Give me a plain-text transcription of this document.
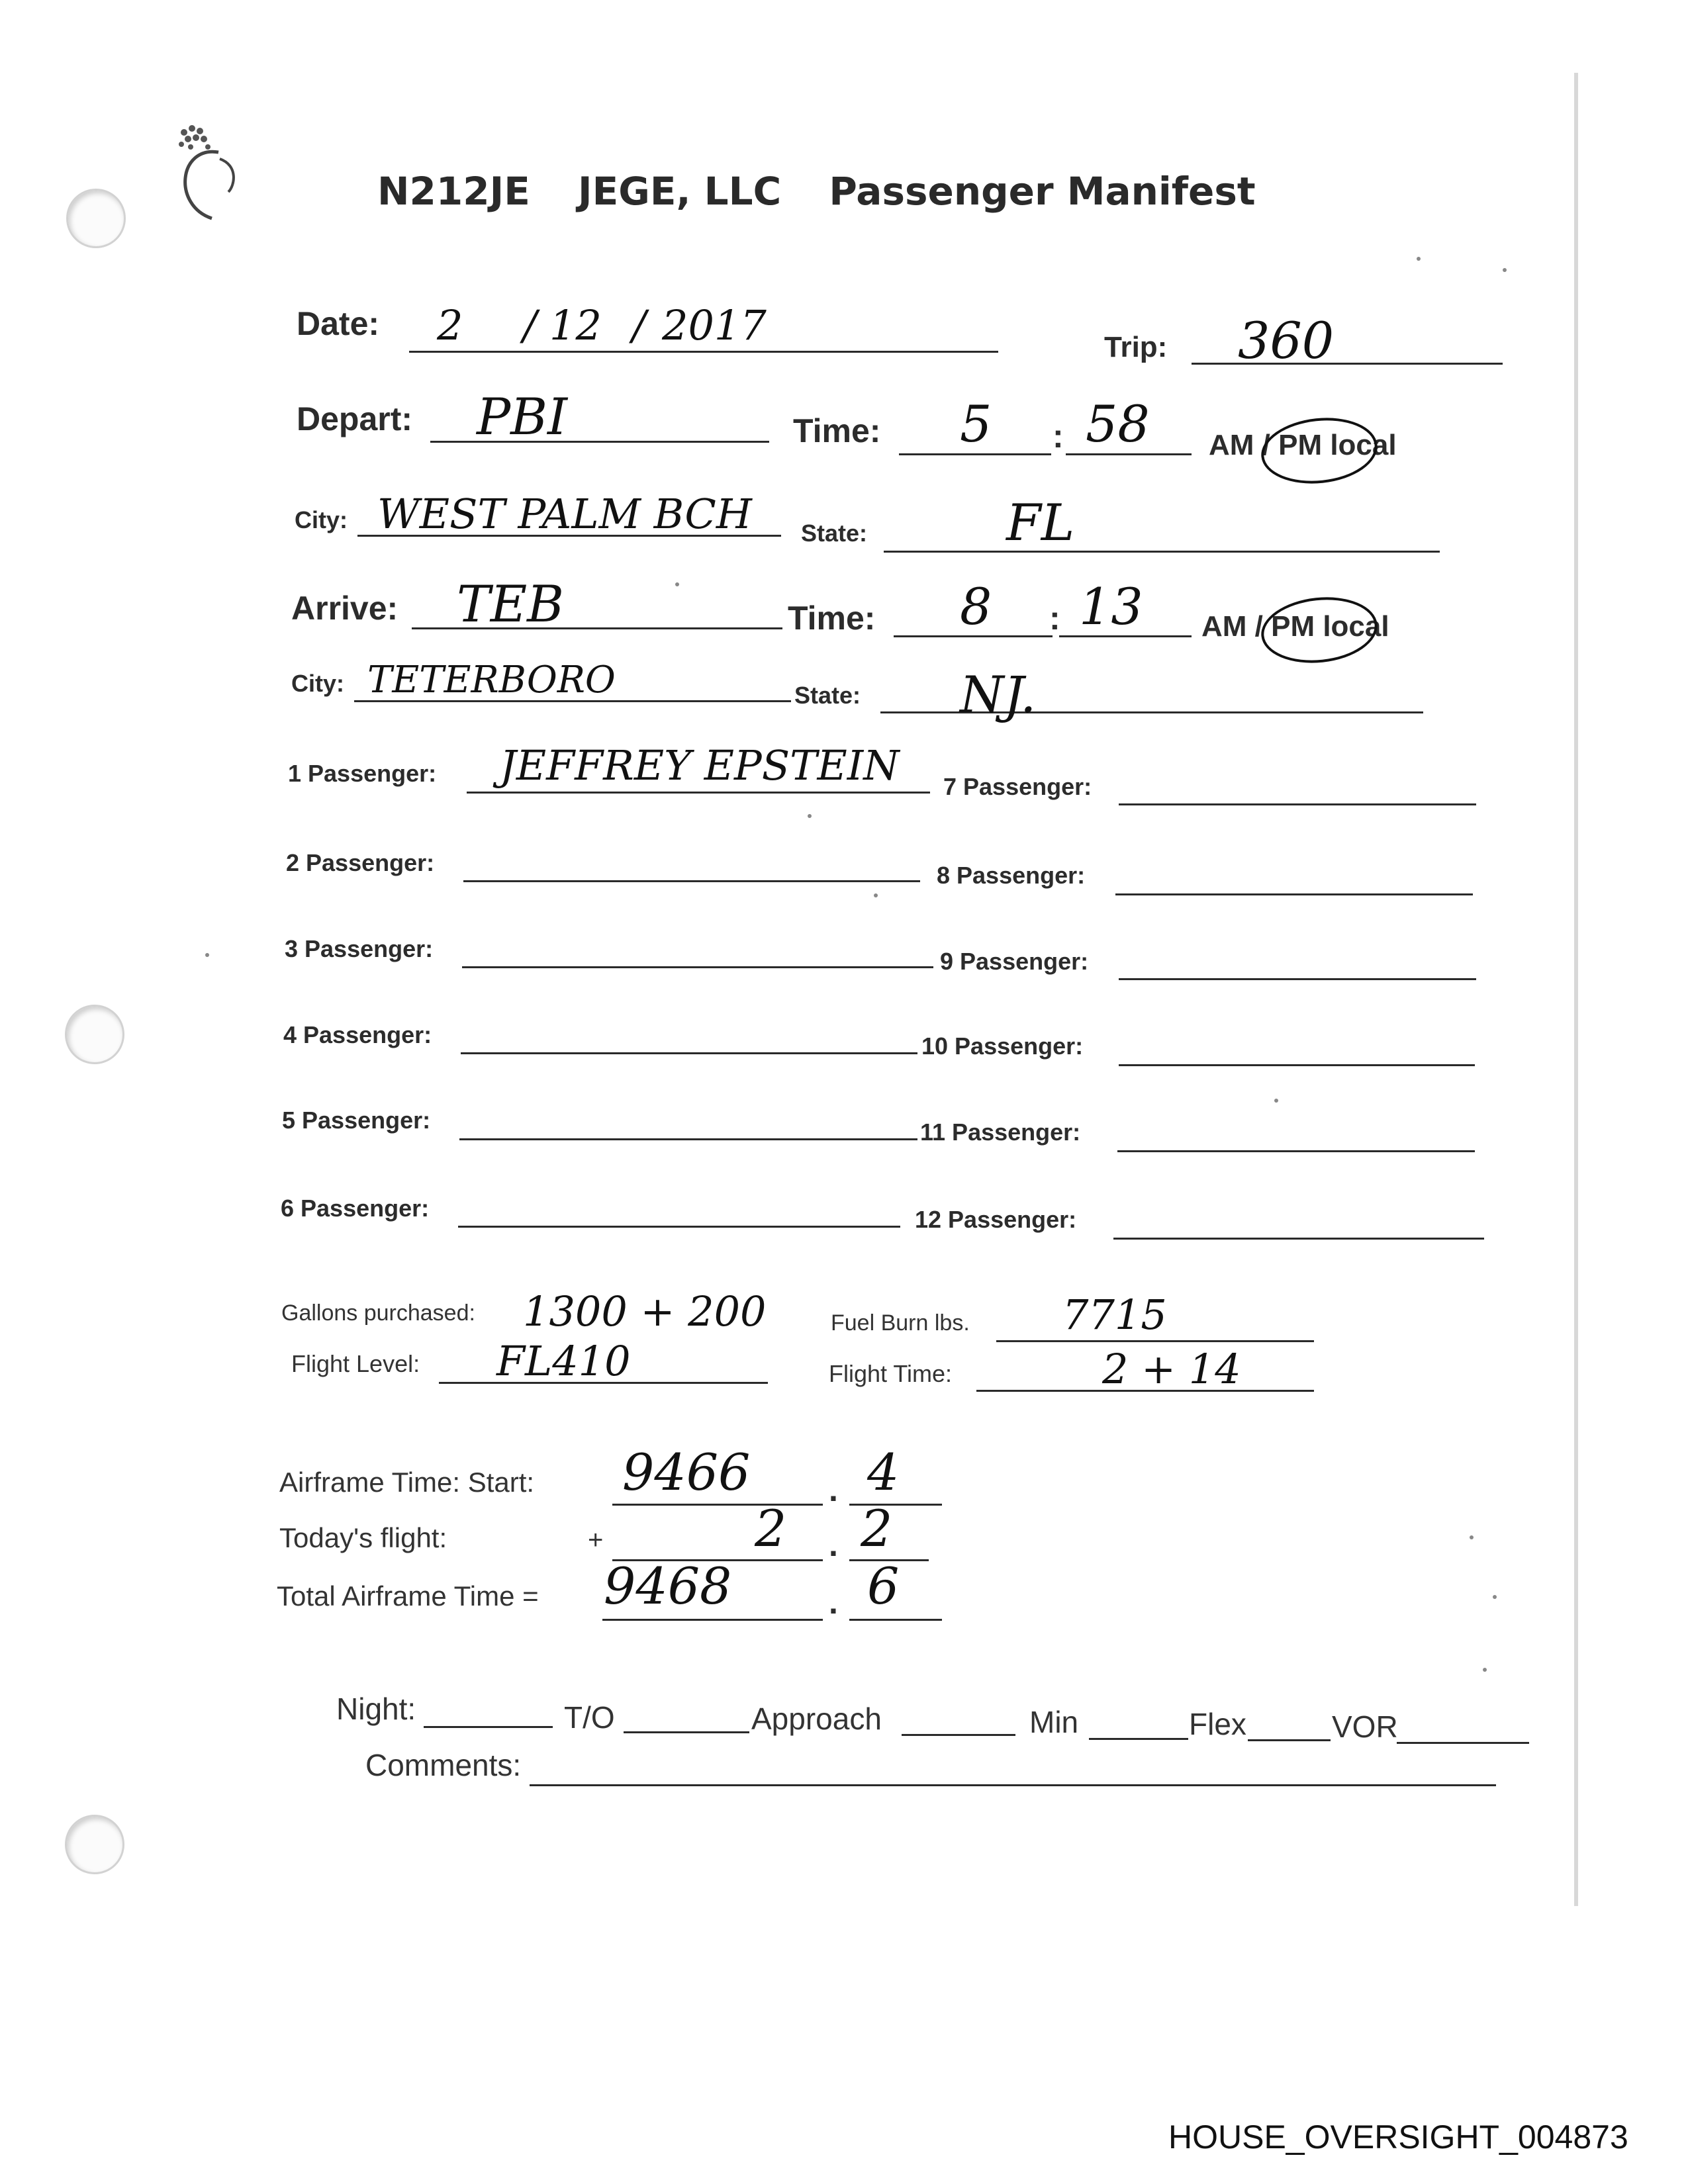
N212JE JEGE, LLC Passenger Manifest
Date: 2 / 12 / 2017	Trip: 360
Depart: PBI	Time: 5 : 58 AM / PM local
City: WEST PALM BCH State:	FL
Arrive: TEB	Time: 8 : 13 AM / PM local
City: TETERBORO	State: NJ.
1 Passenger: JEFFREY EPSTEIN
2 Passenger:
3 Passenger:
4 Passenger:
5 Passenger:
6 Passenger:
7 Passenger:
8 Passenger:
9 Passenger:
10 Passenger:
11 Passenger:
12 Passenger:
Gallons purchased: 1300 + 200	Fuel Burn lbs. 7715
Flight Level: FL410	Flight Time:	2 + 14
Airframe Time: Start: 9466 . 4
Today's flight:	+	2 . 2
Total Airframe Time = 9468	. 6
Night:	T/O	Approach	Min	Flex	VOR
Comments:
HOUSE_OVERSIGHT_004873
